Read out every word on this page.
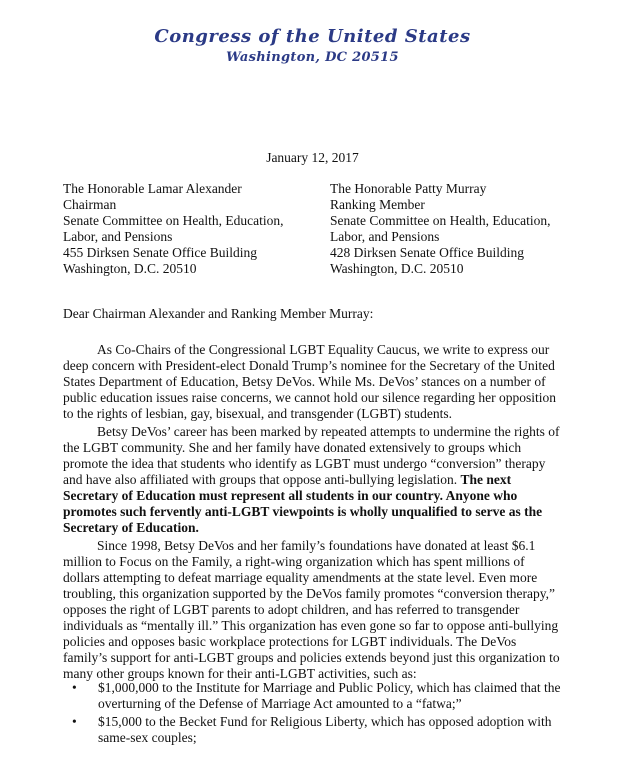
Congress of the United States
Washington, DC 20515
January 12, 2017
The Honorable Lamar Alexander
Chairman
Senate Committee on Health, Education,
Labor, and Pensions
455 Dirksen Senate Office Building
Washington, D.C. 20510
The Honorable Patty Murray
Ranking Member
Senate Committee on Health, Education,
Labor, and Pensions
428 Dirksen Senate Office Building
Washington, D.C. 20510
Dear Chairman Alexander and Ranking Member Murray:
As Co-Chairs of the Congressional LGBT Equality Caucus, we write to express our deep concern with President-elect Donald Trump’s nominee for the Secretary of the United States Department of Education, Betsy DeVos. While Ms. DeVos’ stances on a number of public education issues raise concerns, we cannot hold our silence regarding her opposition to the rights of lesbian, gay, bisexual, and transgender (LGBT) students.
Betsy DeVos’ career has been marked by repeated attempts to undermine the rights of the LGBT community. She and her family have donated extensively to groups which promote the idea that students who identify as LGBT must undergo “conversion” therapy and have also affiliated with groups that oppose anti-bullying legislation. The next Secretary of Education must represent all students in our country. Anyone who promotes such fervently anti-LGBT viewpoints is wholly unqualified to serve as the Secretary of Education.
Since 1998, Betsy DeVos and her family’s foundations have donated at least $6.1 million to Focus on the Family, a right-wing organization which has spent millions of dollars attempting to defeat marriage equality amendments at the state level. Even more troubling, this organization supported by the DeVos family promotes “conversion therapy,” opposes the right of LGBT parents to adopt children, and has referred to transgender individuals as “mentally ill.” This organization has even gone so far to oppose anti-bullying policies and opposes basic workplace protections for LGBT individuals. The DeVos family’s support for anti-LGBT groups and policies extends beyond just this organization to many other groups known for their anti-LGBT activities, such as:
• $1,000,000 to the Institute for Marriage and Public Policy, which has claimed that the overturning of the Defense of Marriage Act amounted to a “fatwa;”
• $15,000 to the Becket Fund for Religious Liberty, which has opposed adoption with same-sex couples;
